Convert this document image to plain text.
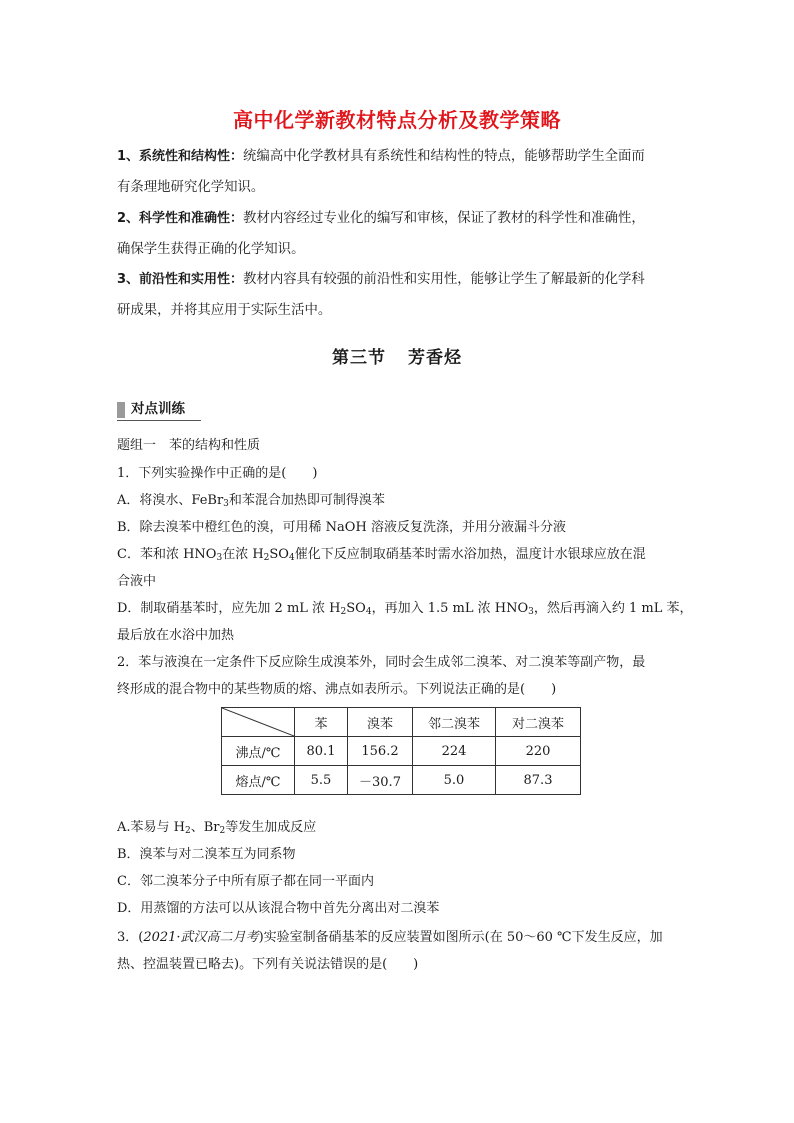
高中化学新教材特点分析及教学策略
1、系统性和结构性：统编高中化学教材具有系统性和结构性的特点，能够帮助学生全面而
有条理地研究化学知识。
2、科学性和准确性：教材内容经过专业化的编写和审核，保证了教材的科学性和准确性，
确保学生获得正确的化学知识。
3、前沿性和实用性：教材内容具有较强的前沿性和实用性，能够让学生了解最新的化学科
研成果，并将其应用于实际生活中。
第三节 芳香烃
对点训练
题组一　苯的结构和性质
1．下列实验操作中正确的是(　　)
A．将溴水、FeBr$_3$和苯混合加热即可制得溴苯
B．除去溴苯中橙红色的溴，可用稀 NaOH 溶液反复洗涤，并用分液漏斗分液
C．苯和浓 $HNO_3$在浓 $H_2SO_4$催化下反应制取硝基苯时需水浴加热，温度计水银球应放在混
合液中
D．制取硝基苯时，应先加 2 mL 浓 $H_2SO_4$，再加入 1.5 mL 浓 $HNO_3$，然后再滴入约 1 mL 苯，
最后放在水浴中加热
2．苯与液溴在一定条件下反应除生成溴苯外，同时会生成邻二溴苯、对二溴苯等副产物，最
终形成的混合物中的某些物质的熔、沸点如表所示。下列说法正确的是(　　)
	苯	溴苯	邻二溴苯	对二溴苯
沸点/℃	80.1	156.2	224	220
熔点/℃	5.5	－30.7	5.0	87.3
A.苯易与 $H_2$、$Br_2$等发生加成反应
B．溴苯与对二溴苯互为同系物
C．邻二溴苯分子中所有原子都在同一平面内
D．用蒸馏的方法可以从该混合物中首先分离出对二溴苯
3．(2021·武汉高二月考)实验室制备硝基苯的反应装置如图所示(在 50～60 ℃下发生反应，加
热、控温装置已略去)。下列有关说法错误的是(　　)
